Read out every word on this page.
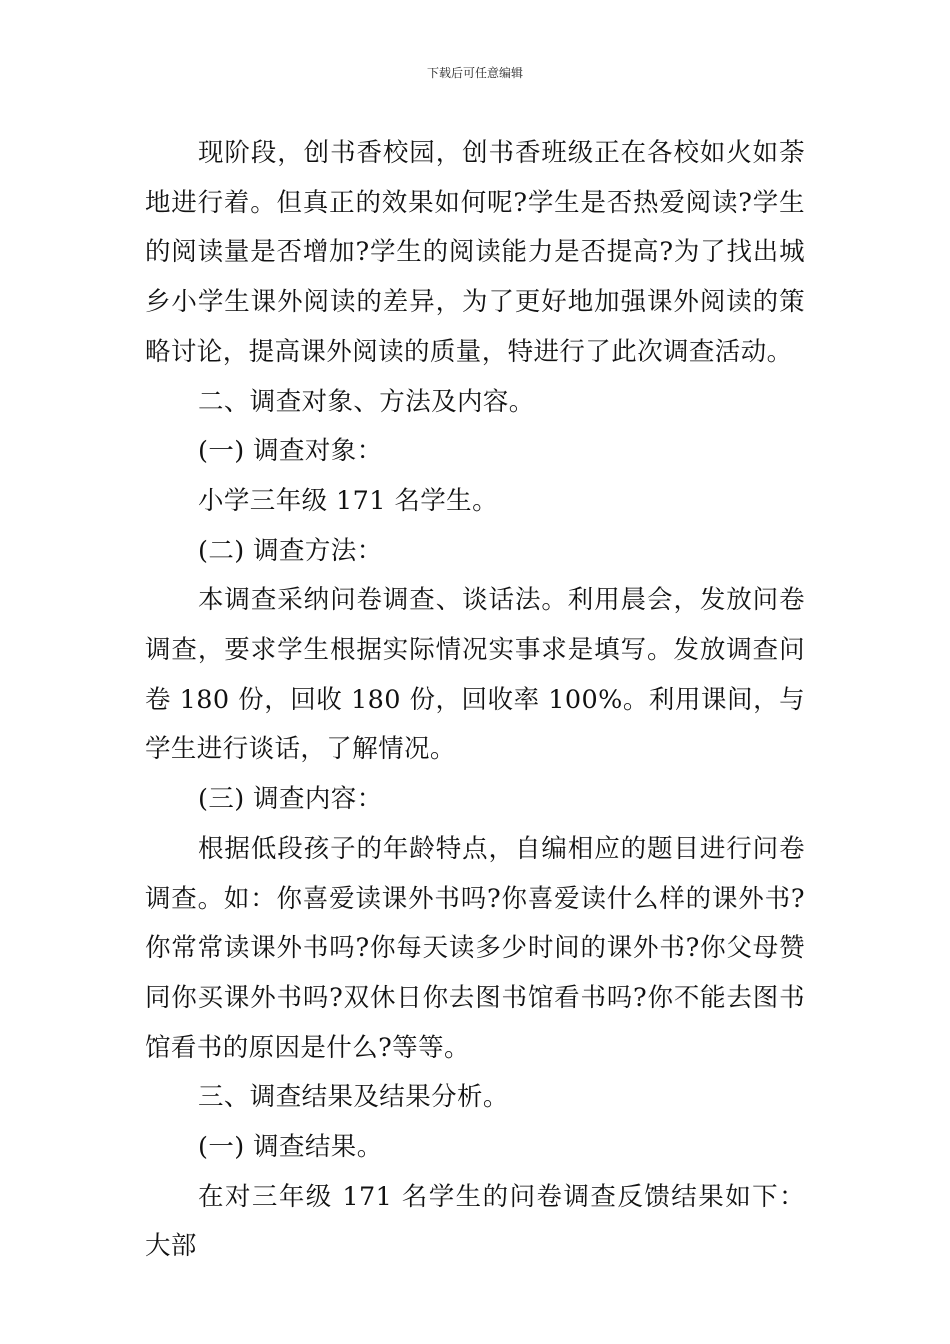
下载后可任意编辑

现阶段，创书香校园，创书香班级正在各校如火如荼地进行着。但真正的效果如何呢?学生是否热爱阅读?学生的阅读量是否增加?学生的阅读能力是否提高?为了找出城乡小学生课外阅读的差异，为了更好地加强课外阅读的策略讨论，提高课外阅读的质量，特进行了此次调查活动。

二、调查对象、方法及内容。

(一) 调查对象：

小学三年级 171 名学生。

(二) 调查方法：

本调查采纳问卷调查、谈话法。利用晨会，发放问卷调查，要求学生根据实际情况实事求是填写。发放调查问卷 180 份，回收 180 份，回收率 100%。利用课间，与学生进行谈话，了解情况。

(三) 调查内容：

根据低段孩子的年龄特点，自编相应的题目进行问卷调查。如：你喜爱读课外书吗?你喜爱读什么样的课外书?你常常读课外书吗?你每天读多少时间的课外书?你父母赞同你买课外书吗?双休日你去图书馆看书吗?你不能去图书馆看书的原因是什么?等等。

三、调查结果及结果分析。

(一) 调查结果。

在对三年级 171 名学生的问卷调查反馈结果如下：大部
